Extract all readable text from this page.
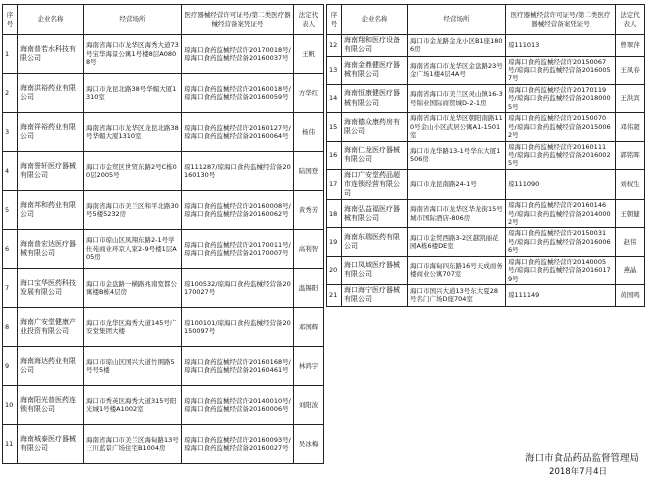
序号	企业名称	经营场所	医疗器械经营许可证号/第二类医疗器械经营备案凭证号	法定代表人
1	海南普若水科技有限公司	海南省海口市龙华区海秀大道73号宝华海景公寓1号楼8层A0808号	琼海口食药监械经营许20170018号/琼海口食药监械经营备20160037号	王帆
2	海南洪裕药业有限公司	海口市龙昆北路38号华媚大厦1310室	琼海口食药监械经营许20160018号/琼海口食药监械经营备20160059号	方华红
3	海南祥裕药业有限公司	海南省海口市龙华区龙昆北路38号华媚大厦1310室	琼海口食药监械经营许20160127号/琼海口食药监械经营备20160064号	杨伟
4	海南誉轩医疗器械有限公司	海口市金贸区世贸东路2号C栋00层2005号	琼111287/琼海口食药监械经营备20160130号	陆国登
5	海南邦和药业有限公司	海南省海口市美兰区和平北路30号5楼5232房	琼海口食药监械经营许20160008号/琼海口食药监械经营备20160062号	黄秀芳
6	海南普宏达医疗器械有限公司	海口市琼山区凤翔东路2-1号学仕苑商业环京人家2-9号楼1层A05房	琼海口食药监械经营许20170011号/琼海口食药监械经营备20170007号	高利智
7	海口宝华医药科技发展有限公司	海口市金盘路一横路兆南宽都公寓楼B栋4层房	琼100532/琼海口食药监械经营备20170027号	温锡阳
8	海南广安堂健康产业投资有限公司	海口市龙华区海秀大道145号广安堂集团大楼	琼100101/琼海口食药监械经营备20150097号	邓国辉
9	海南海达药业有限公司	海口市琼山区国兴大道竹围路5号号5楼	琼海口食药监械经营许20160168号/琼海口食药监械经营备20160461号	林鸿宇
10	海南阳光普医药连锁有限公司	海口市秀英区海秀大道315号阳光城1号楼A1002室	琼海口食药监械经营许20140010号/琼海口食药监械经营备20160006号	刘阳波
11	海南城泰医疗器械有限公司	海南省海口市美兰区海甸路13号三川蓝景广场住宅B1004房	琼海口食药监械经营许20160093号/琼海口食药监械经营备20160027号	吴冰梅
序号	企业名称	经营场所	医疗器械经营许可证号/第二类医疗器械经营备案凭证号	法定代表人
12	海南翔和医疗设备有限公司	海口市金龙路金龙小区B1座1806房	琼111013	曾翠萍
13	海南金鼎健医疗器械有限公司	海南省海口市龙华区金盘路23号金广场1楼4层4A号	琼海口食药监械经营许20150067号/琼海口食药监械经营备20160057号	王凤春
14	海南恒康健医疗器械有限公司	海南省海口市美兰区灵山镇16-3号锦业国际商贸城D-2-1房	琼海口食药监械经营许20170119号/琼海口食药监械经营备20180005号	王洪宾
15	海南德众康药房有限公司	海南省海口市龙华区朝阳南路110号金山小区武居公寓A1-1501室	琼海口食药监械经营许20150070号/琼海口食药监械经营备20150062号	邓伟超
16	海南仁龙医疗器械有限公司	海口市龙华路13-1号华东大厦1506房	琼海口食药监械经营许20160111号/琼海口食药监械经营备20160025号	郭铭晖
17	海口广安堂药品超市连锁经营有限公司	海口市龙昆南路24-1号	琼111090	刘权生
18	海南弘益福医疗器械有限公司	海南省海口市龙华区华龙街15号城市国际酒店-806房	琼海口食药监械经营许20160146号/琼海口食药监械经营备20140002号	王朝健
19	海南东瑞医药有限公司	海口市金贸西路3-2区越凯丽花园A栋6楼DE室	琼海口食药监械经营许20150031号/琼海口食药监械经营备20160066号	赵伟
20	海口凤域医疗器械有限公司	海口市海甸四东路16号天成商务楼商业公寓707室	琼海口食药监械经营许20140005号/琼海口食药监械经营备20160179号	燕晶
21	海口海宁医疗器械有限公司	海口市国兴大道13号东大夏28号名门广场D座704室	琼111149	黄国鸣
海口市食品药品监督管理局
2018年7月4日
